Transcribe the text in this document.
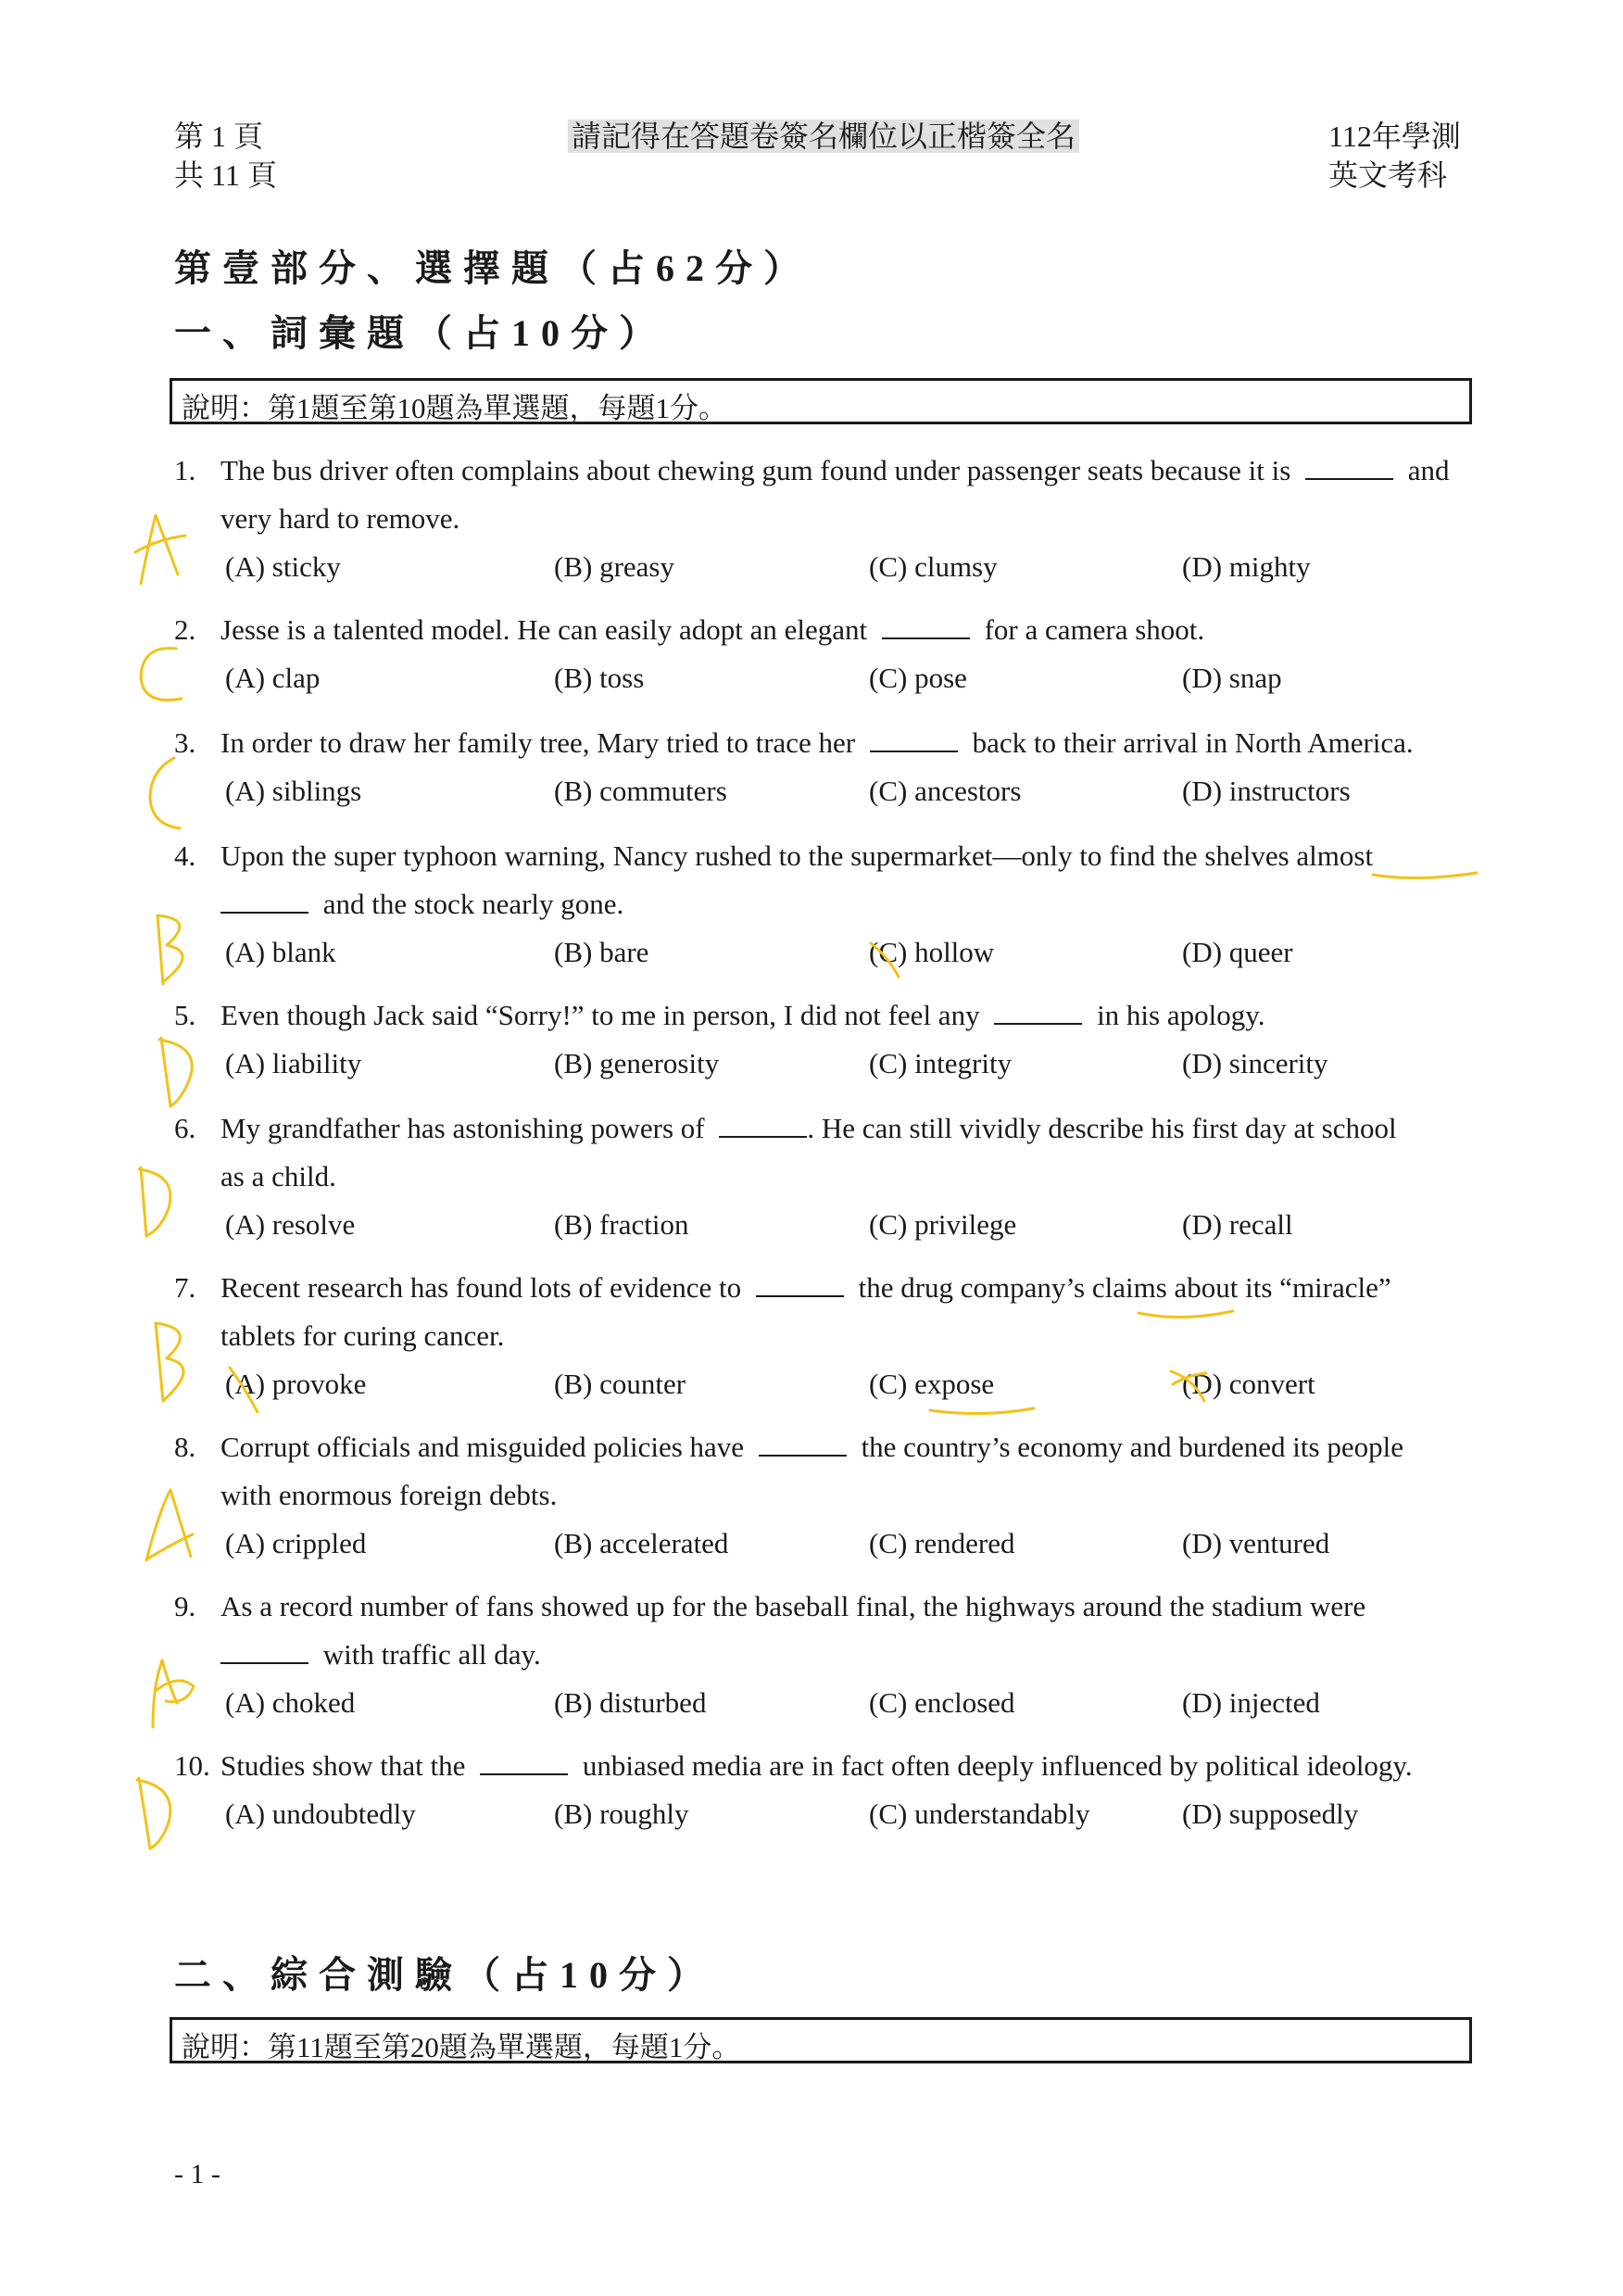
第 1 頁
共 11 頁
請記得在答題卷簽名欄位以正楷簽全名	112年學測
英文考科
第壹部分、選擇題（占62分）
一、詞彙題（占10分）
說明：第1題至第10題為單選題，每題1分。
1. The bus driver often complains about chewing gum found under passenger seats because it is	and
very hard to remove.
(A) sticky	(B) greasy	(C) clumsy	(D) mighty
2. Jesse is a talented model. He can easily adopt an elegant	for a camera shoot.
(A) clap	(B) toss	(C) pose	(D) snap
3. In order to draw her family tree, Mary tried to trace her	back to their arrival in North America.
(A) siblings	(B) commuters	(C) ancestors	(D) instructors
4. Upon the super typhoon warning, Nancy rushed to the supermarket—only to find the shelves almost
and the stock nearly gone.
(A) blank	(B) bare	(C) hollow	(D) queer
5. Even though Jack said “Sorry!” to me in person, I did not feel any	in his apology.
(A) liability	(B) generosity	(C) integrity	(D) sincerity
6. My grandfather has astonishing powers of	. He can still vividly describe his first day at school
as a child.
(A) resolve	(B) fraction	(C) privilege	(D) recall
7. Recent research has found lots of evidence to	the drug company’s claims about its “miracle”
tablets for curing cancer.
(A) provoke	(B) counter	(C) expose	(D) convert
8. Corrupt officials and misguided policies have	the country’s economy and burdened its people
with enormous foreign debts.
(A) crippled	(B) accelerated	(C) rendered	(D) ventured
9. As a record number of fans showed up for the baseball final, the highways around the stadium were
with traffic all day.
(A) choked	(B) disturbed	(C) enclosed	(D) injected
10. Studies show that the	unbiased media are in fact often deeply influenced by political ideology.
(A) undoubtedly	(B) roughly	(C) understandably	(D) supposedly
二、綜合測驗（占10分）
說明：第11題至第20題為單選題，每題1分。
- 1 -
